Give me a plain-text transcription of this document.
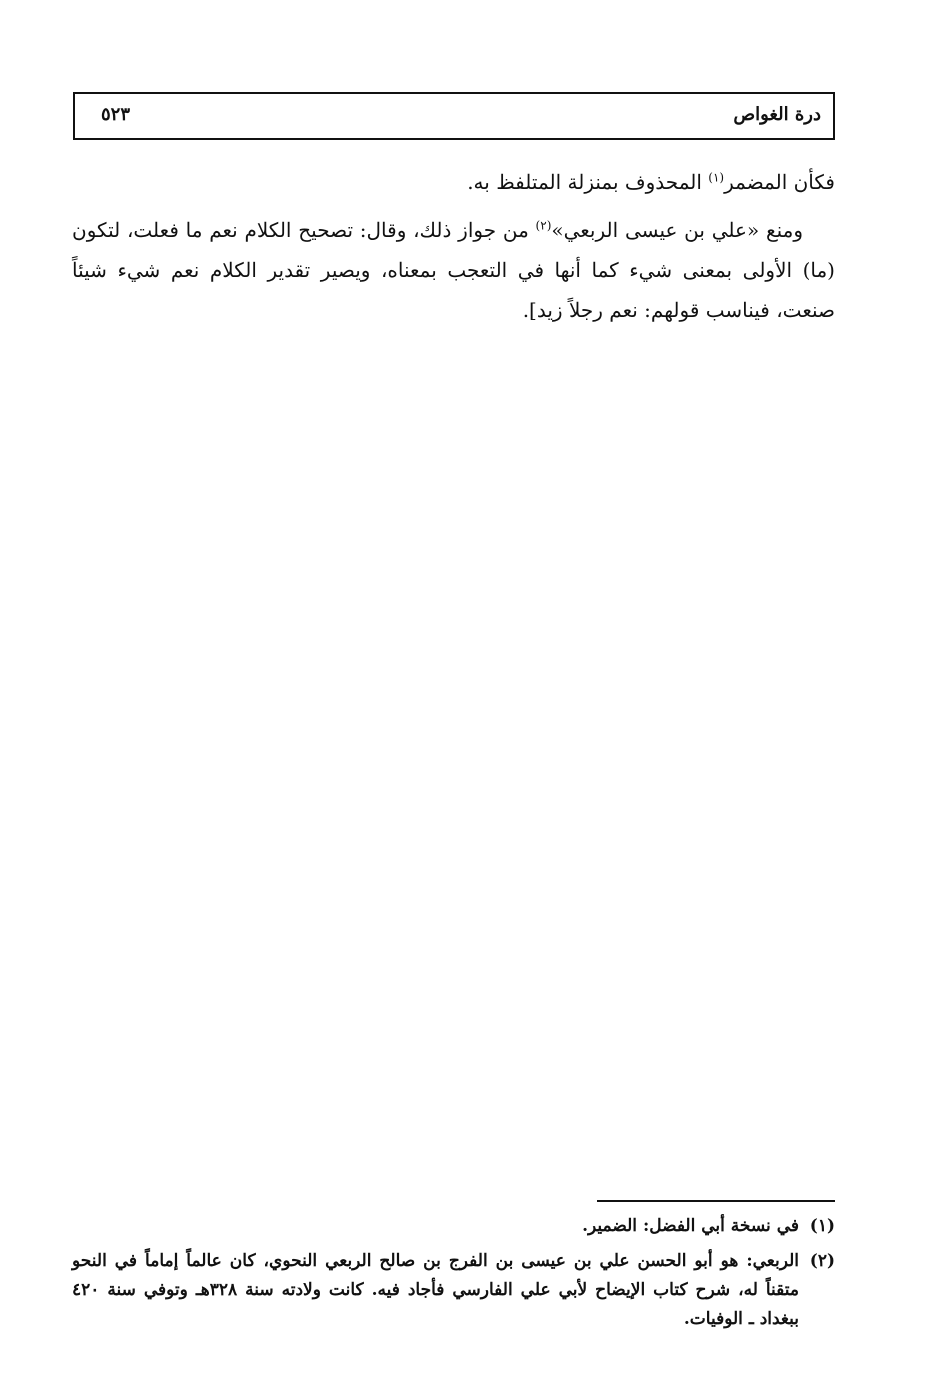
درة الغواص
٥٢٣

فكأن المضمر$^{(١)}$ المحذوف بمنزلة المتلفظ به.

ومنع «علي بن عيسى الربعي»$^{(٢)}$ من جواز ذلك، وقال: تصحيح الكلام نعم ما فعلت، لتكون (ما) الأولى بمعنى شيء كما أنها في التعجب بمعناه، ويصير تقدير الكلام نعم شيء شيئاً صنعت، فيناسب قولهم: نعم رجلاً زيد].

(١)
في نسخة أبي الفضل: الضمير.
(٢)
الربعي: هو أبو الحسن علي بن عيسى بن الفرج بن صالح الربعي النحوي، كان عالماً إماماً في النحو متقناً له، شرح كتاب الإيضاح لأبي علي الفارسي فأجاد فيه. كانت ولادته سنة ٣٢٨هـ وتوفي سنة ٤٢٠ ببغداد ـ الوفيات.
